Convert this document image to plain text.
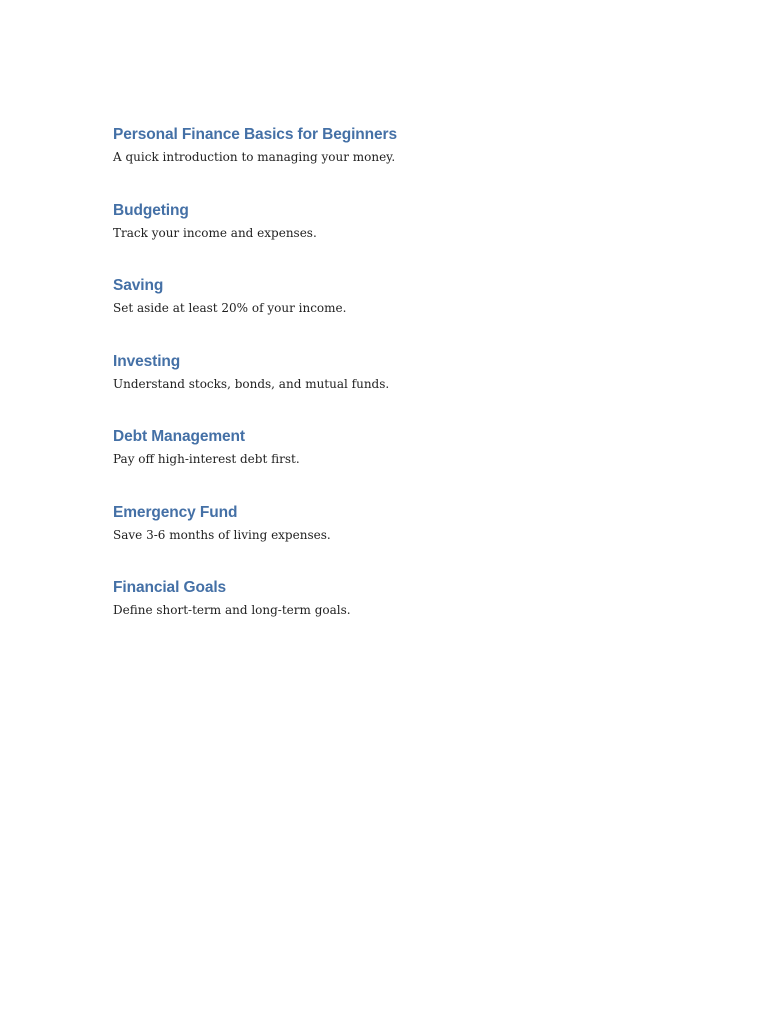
Personal Finance Basics for Beginners

A quick introduction to managing your money.

Budgeting

Track your income and expenses.

Saving

Set aside at least 20% of your income.

Investing

Understand stocks, bonds, and mutual funds.

Debt Management

Pay off high-interest debt first.

Emergency Fund

Save 3-6 months of living expenses.

Financial Goals

Define short-term and long-term goals.
